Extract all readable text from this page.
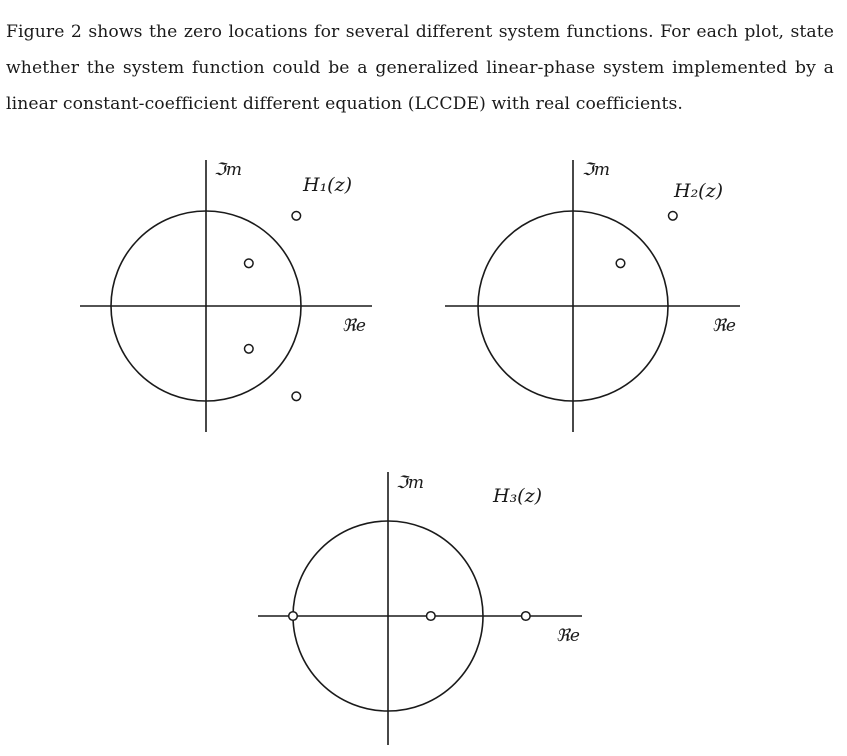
Figure 2 shows the zero locations for several different system functions. For each plot, state whether the system function could be a generalized linear-phase system implemented by a linear constant-coefficient different equation (LCCDE) with real coefficients.

ℑm
ℜe
H₁(z)
ℑm
ℜe
H₂(z)
ℑm
ℜe
H₃(z)
